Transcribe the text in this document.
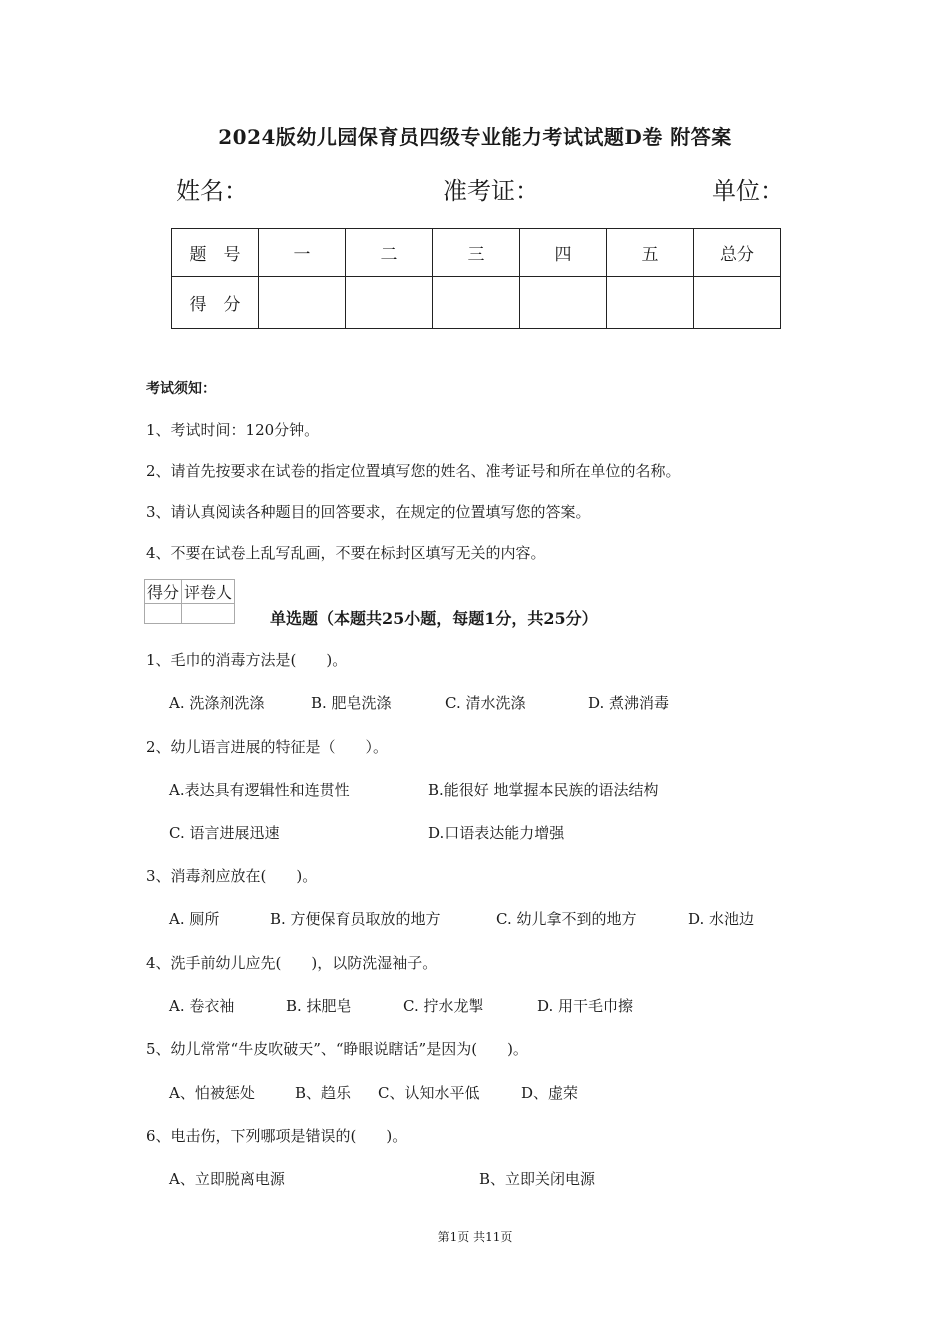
2024版幼儿园保育员四级专业能力考试试题D卷 附答案
姓名：	准考证：	单位：
题　号	一	二	三	四	五	总分
得　分						
考试须知：
1、考试时间：120分钟。
2、请首先按要求在试卷的指定位置填写您的姓名、准考证号和所在单位的名称。
3、请认真阅读各种题目的回答要求，在规定的位置填写您的答案。
4、不要在试卷上乱写乱画，不要在标封区填写无关的内容。
得分	评卷人

单选题（本题共25小题，每题1分，共25分）
1、毛巾的消毒方法是(　　)。
A. 洗涤剂洗涤	B. 肥皂洗涤	C. 清水洗涤	D. 煮沸消毒
2、幼儿语言进展的特征是（　　）。
A.表达具有逻辑性和连贯性	B.能很好 地掌握本民族的语法结构
C. 语言进展迅速	D.口语表达能力增强
3、消毒剂应放在(　　)。
A. 厕所	B. 方便保育员取放的地方	C. 幼儿拿不到的地方	D. 水池边
4、洗手前幼儿应先(　　)，以防洗湿袖子。
A. 卷衣袖	B. 抹肥皂	C. 拧水龙掣	D. 用干毛巾擦
5、幼儿常常“牛皮吹破天”、“睁眼说瞎话”是因为(　　)。
A、怕被惩处	B、趋乐 C、认知水平低	D、虚荣
6、电击伤，下列哪项是错误的(　　)。
A、立即脱离电源	B、立即关闭电源
第1页 共11页
